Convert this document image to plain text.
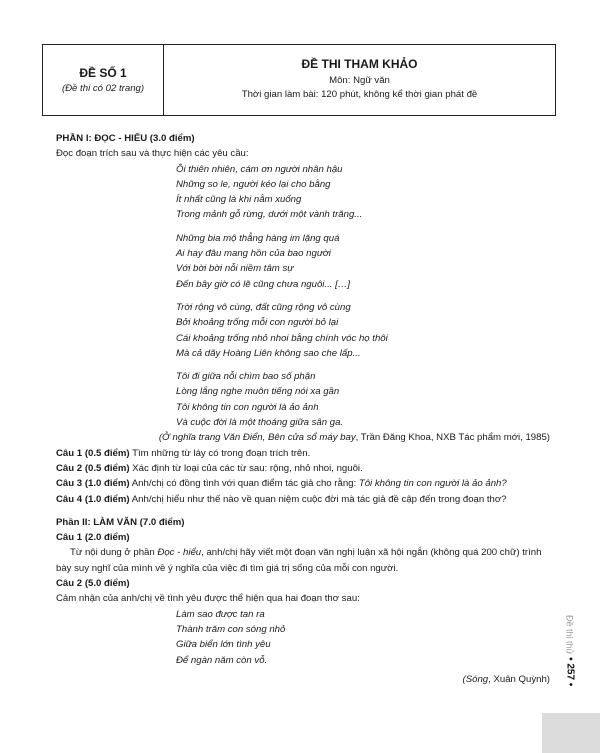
ĐỀ SỐ 1
(Đề thi có 02 trang)
ĐỀ THI THAM KHẢO
Môn: Ngữ văn
Thời gian làm bài: 120 phút, không kể thời gian phát đề
PHẦN I: ĐỌC - HIỂU (3.0 điểm)
Đọc đoạn trích sau và thực hiện các yêu cầu:
Ôi thiên nhiên, cám ơn người nhân hậu
Những so le, người kéo lại cho bằng
Ít nhất cũng là khi nằm xuống
Trong mảnh gỗ rừng, dưới một vành trăng...
Những bia mộ thẳng hàng im lặng quá
Ai hay đâu mang hồn của bao người
Với bời bời nỗi niềm tâm sự
Đến bây giờ có lẽ cũng chưa nguôi... […]
Trời rộng vô cùng, đất cũng rộng vô cùng
Bởi khoảng trống mỗi con người bỏ lại
Cái khoảng trống nhỏ nhoi bằng chính vóc họ thôi
Mà cả dãy Hoàng Liên không sao che lấp...
Tôi đi giữa nỗi chìm bao số phận
Lòng lắng nghe muôn tiếng nói xa gần
Tôi không tin con người là ảo ảnh
Và cuộc đời là một thoáng giữa sân ga.
(Ở nghĩa trang Văn Điển, Bên cửa sổ máy bay, Trần Đăng Khoa, NXB Tác phẩm mới, 1985)
Câu 1 (0.5 điểm) Tìm những từ láy có trong đoạn trích trên.
Câu 2 (0.5 điểm) Xác định từ loại của các từ sau: rộng, nhỏ nhoi, nguôi.
Câu 3 (1.0 điểm) Anh/chị có đồng tình với quan điểm tác giả cho rằng: Tôi không tin con người là ảo ảnh?
Câu 4 (1.0 điểm) Anh/chị hiểu như thế nào về quan niệm cuộc đời mà tác giả đề cập đến trong đoạn thơ?
Phần II: LÀM VĂN (7.0 điểm)
Câu 1 (2.0 điểm)
Từ nội dung ở phần Đọc - hiểu, anh/chị hãy viết một đoạn văn nghị luận xã hội ngắn (không quá 200 chữ) trình bày suy nghĩ của mình về ý nghĩa của việc đi tìm giá trị sống của mỗi con người.
Câu 2 (5.0 điểm)
Cảm nhận của anh/chị về tình yêu được thể hiện qua hai đoạn thơ sau:
Làm sao được tan ra
Thành trăm con sóng nhỏ
Giữa biển lớn tình yêu
Để ngàn năm còn vỗ.
(Sóng, Xuân Quỳnh)
Đề thi thử • 257 •
